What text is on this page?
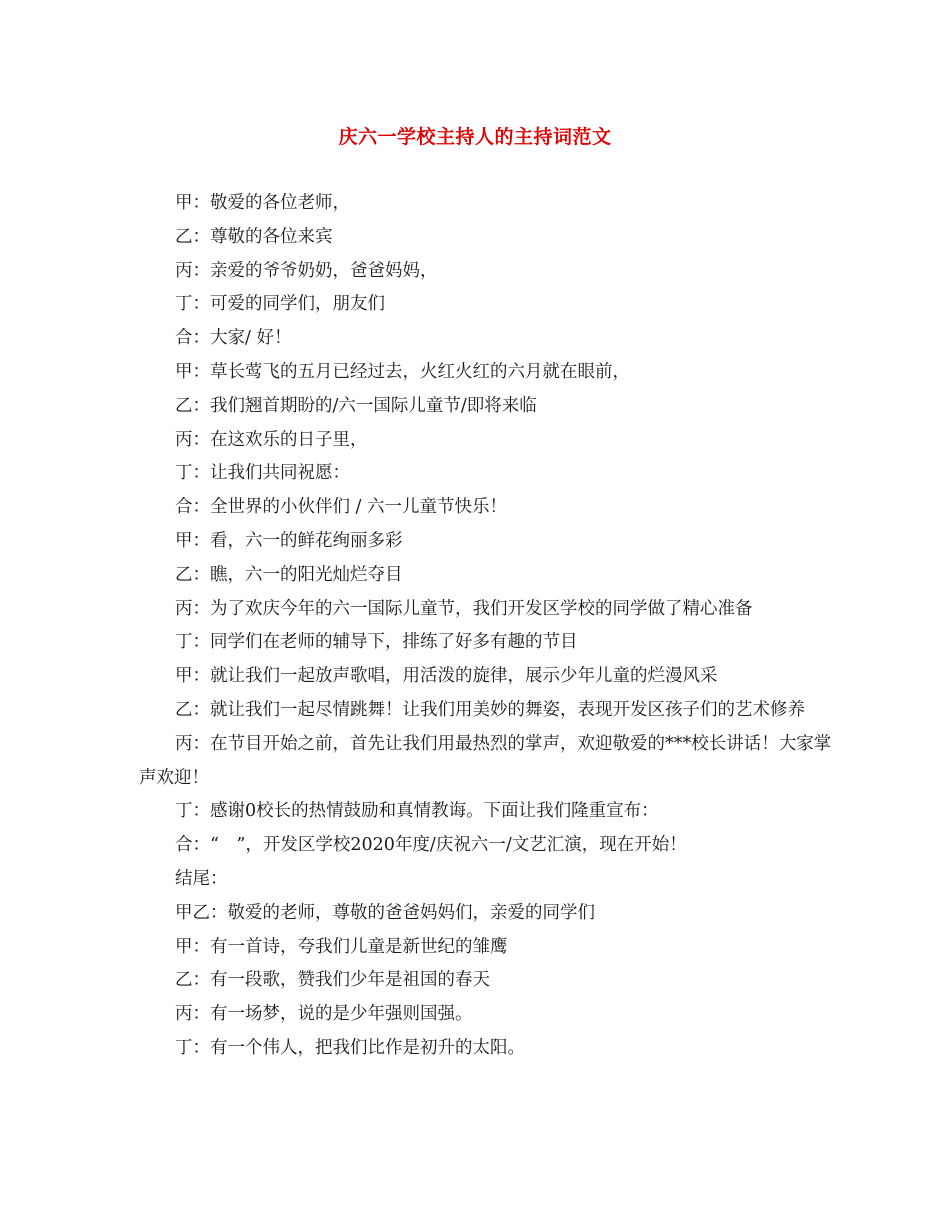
庆六一学校主持人的主持词范文

甲：敬爱的各位老师，

乙：尊敬的各位来宾

丙：亲爱的爷爷奶奶，爸爸妈妈，

丁：可爱的同学们，朋友们

合：大家/ 好！

甲：草长莺飞的五月已经过去，火红火红的六月就在眼前，

乙：我们翘首期盼的/六一国际儿童节/即将来临

丙：在这欢乐的日子里，

丁：让我们共同祝愿：

合：全世界的小伙伴们 / 六一儿童节快乐！

甲：看，六一的鲜花绚丽多彩

乙：瞧，六一的阳光灿烂夺目

丙：为了欢庆今年的六一国际儿童节，我们开发区学校的同学做了精心准备

丁：同学们在老师的辅导下，排练了好多有趣的节目

甲：就让我们一起放声歌唱，用活泼的旋律，展示少年儿童的烂漫风采

乙：就让我们一起尽情跳舞！让我们用美妙的舞姿，表现开发区孩子们的艺术修养

丙：在节目开始之前，首先让我们用最热烈的掌声，欢迎敬爱的***校长讲话！大家掌声欢迎！

丁：感谢0校长的热情鼓励和真情教诲。下面让我们隆重宣布：

合：“　”，开发区学校2020年度/庆祝六一/文艺汇演，现在开始！

结尾：

甲乙：敬爱的老师，尊敬的爸爸妈妈们，亲爱的同学们

甲：有一首诗，夸我们儿童是新世纪的雏鹰

乙：有一段歌，赞我们少年是祖国的春天

丙：有一场梦，说的是少年强则国强。

丁：有一个伟人，把我们比作是初升的太阳。
